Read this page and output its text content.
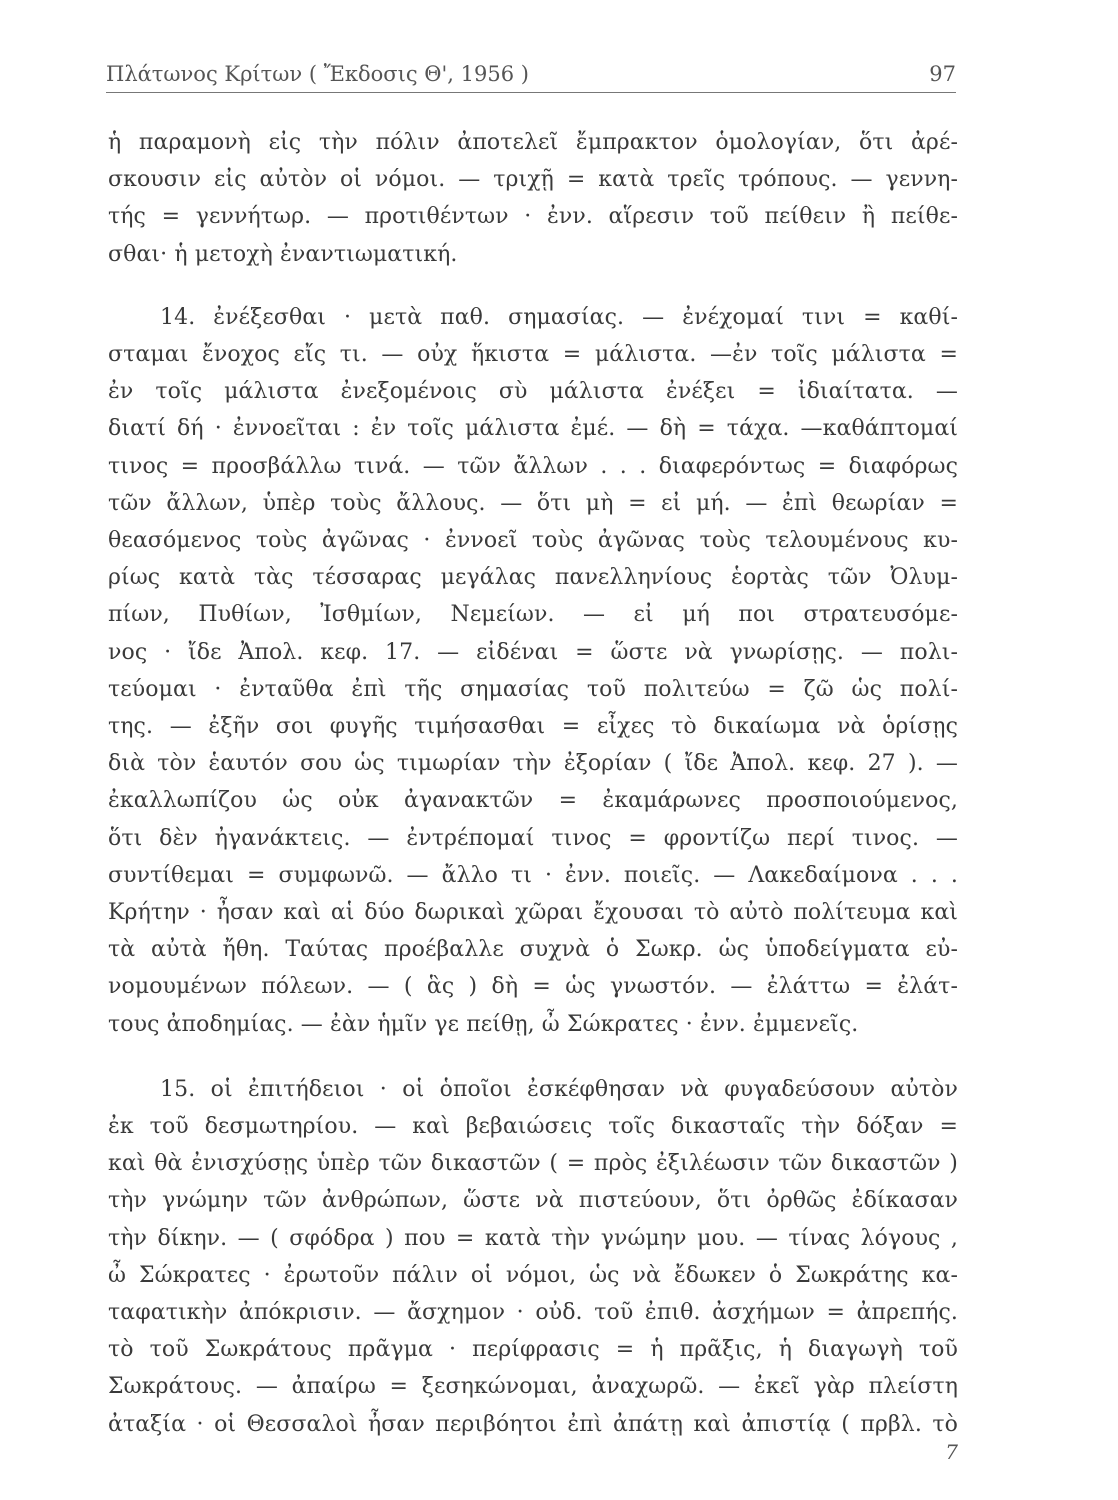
Πλάτωνος Κρίτων ( Ἔκδοσις Θ', 1956 )	97
ἡ παραμονὴ εἰς τὴν πόλιν ἀποτελεῖ ἔμπρακτον ὁμολογίαν, ὅτι ἀρέ-
σκουσιν εἰς αὐτὸν οἱ νόμοι. — τριχῇ = κατὰ τρεῖς τρόπους. — γεννη-
τής = γεννήτωρ. — προτιθέντων · ἐνν. αἵρεσιν τοῦ πείθειν ἢ πείθε-
σθαι· ἡ μετοχὴ ἐναντιωματική.
14. ἐνέξεσθαι · μετὰ παθ. σημασίας. — ἐνέχομαί τινι = καθί-
σταμαι ἔνοχος εἴς τι. — οὐχ ἥκιστα = μάλιστα. —ἐν τοῖς μάλιστα =
ἐν τοῖς μάλιστα ἐνεξομένοις σὺ μάλιστα ἐνέξει = ἰδιαίτατα. —
διατί δή · ἐννοεῖται : ἐν τοῖς μάλιστα ἐμέ. — δὴ = τάχα. —καθάπτομαί
τινος = προσβάλλω τινά. — τῶν ἄλλων . . . διαφερόντως = διαφόρως
τῶν ἄλλων, ὑπὲρ τοὺς ἄλλους. — ὅτι μὴ = εἰ μή. — ἐπὶ θεωρίαν =
θεασόμενος τοὺς ἀγῶνας · ἐννοεῖ τοὺς ἀγῶνας τοὺς τελουμένους κυ-
ρίως κατὰ τὰς τέσσαρας μεγάλας πανελληνίους ἑορτὰς τῶν Ὀλυμ-
πίων, Πυθίων, Ἰσθμίων, Νεμείων. — εἰ μή ποι στρατευσόμε-
νος · ἴδε Ἀπολ. κεφ. 17. — εἰδέναι = ὥστε νὰ γνωρίσῃς. — πολι-
τεύομαι · ἐνταῦθα ἐπὶ τῆς σημασίας τοῦ πολιτεύω = ζῶ ὡς πολί-
της. — ἐξῆν σοι φυγῆς τιμήσασθαι = εἶχες τὸ δικαίωμα νὰ ὁρίσῃς
διὰ τὸν ἑαυτόν σου ὡς τιμωρίαν τὴν ἐξορίαν ( ἴδε Ἀπολ. κεφ. 27 ). —
ἐκαλλωπίζου ὡς οὐκ ἀγανακτῶν = ἐκαμάρωνες προσποιούμενος,
ὅτι δὲν ἠγανάκτεις. — ἐντρέπομαί τινος = φροντίζω περί τινος. —
συντίθεμαι = συμφωνῶ. — ἄλλο τι · ἐνν. ποιεῖς. — Λακεδαίμονα . . .
Κρήτην · ἦσαν καὶ αἱ δύο δωρικαὶ χῶραι ἔχουσαι τὸ αὐτὸ πολίτευμα καὶ
τὰ αὐτὰ ἤθη. Ταύτας προέβαλλε συχνὰ ὁ Σωκρ. ὡς ὑποδείγματα εὐ-
νομουμένων πόλεων. — ( ἃς ) δὴ = ὡς γνωστόν. — ἐλάττω = ἐλάτ-
τους ἀποδημίας. — ἐὰν ἡμῖν γε πείθῃ, ὦ Σώκρατες · ἐνν. ἐμμενεῖς.
15. οἱ ἐπιτήδειοι · οἱ ὁποῖοι ἐσκέφθησαν νὰ φυγαδεύσουν αὐτὸν
ἐκ τοῦ δεσμωτηρίου. — καὶ βεβαιώσεις τοῖς δικασταῖς τὴν δόξαν =
καὶ θὰ ἐνισχύσῃς ὑπὲρ τῶν δικαστῶν ( = πρὸς ἐξιλέωσιν τῶν δικαστῶν )
τὴν γνώμην τῶν ἀνθρώπων, ὥστε νὰ πιστεύουν, ὅτι ὀρθῶς ἐδίκασαν
τὴν δίκην. — ( σφόδρα ) που = κατὰ τὴν γνώμην μου. — τίνας λόγους ,
ὦ Σώκρατες · ἐρωτοῦν πάλιν οἱ νόμοι, ὡς νὰ ἔδωκεν ὁ Σωκράτης κα-
ταφατικὴν ἀπόκρισιν. — ἄσχημον · οὐδ. τοῦ ἐπιθ. ἀσχήμων = ἀπρεπής.
τὸ τοῦ Σωκράτους πρᾶγμα · περίφρασις = ἡ πρᾶξις, ἡ διαγωγὴ τοῦ
Σωκράτους. — ἀπαίρω = ξεσηκώνομαι, ἀναχωρῶ. — ἐκεῖ γὰρ πλείστη
ἀταξία · οἱ Θεσσαλοὶ ἦσαν περιβόητοι ἐπὶ ἀπάτῃ καὶ ἀπιστίᾳ ( πρβλ. τὸ
7
